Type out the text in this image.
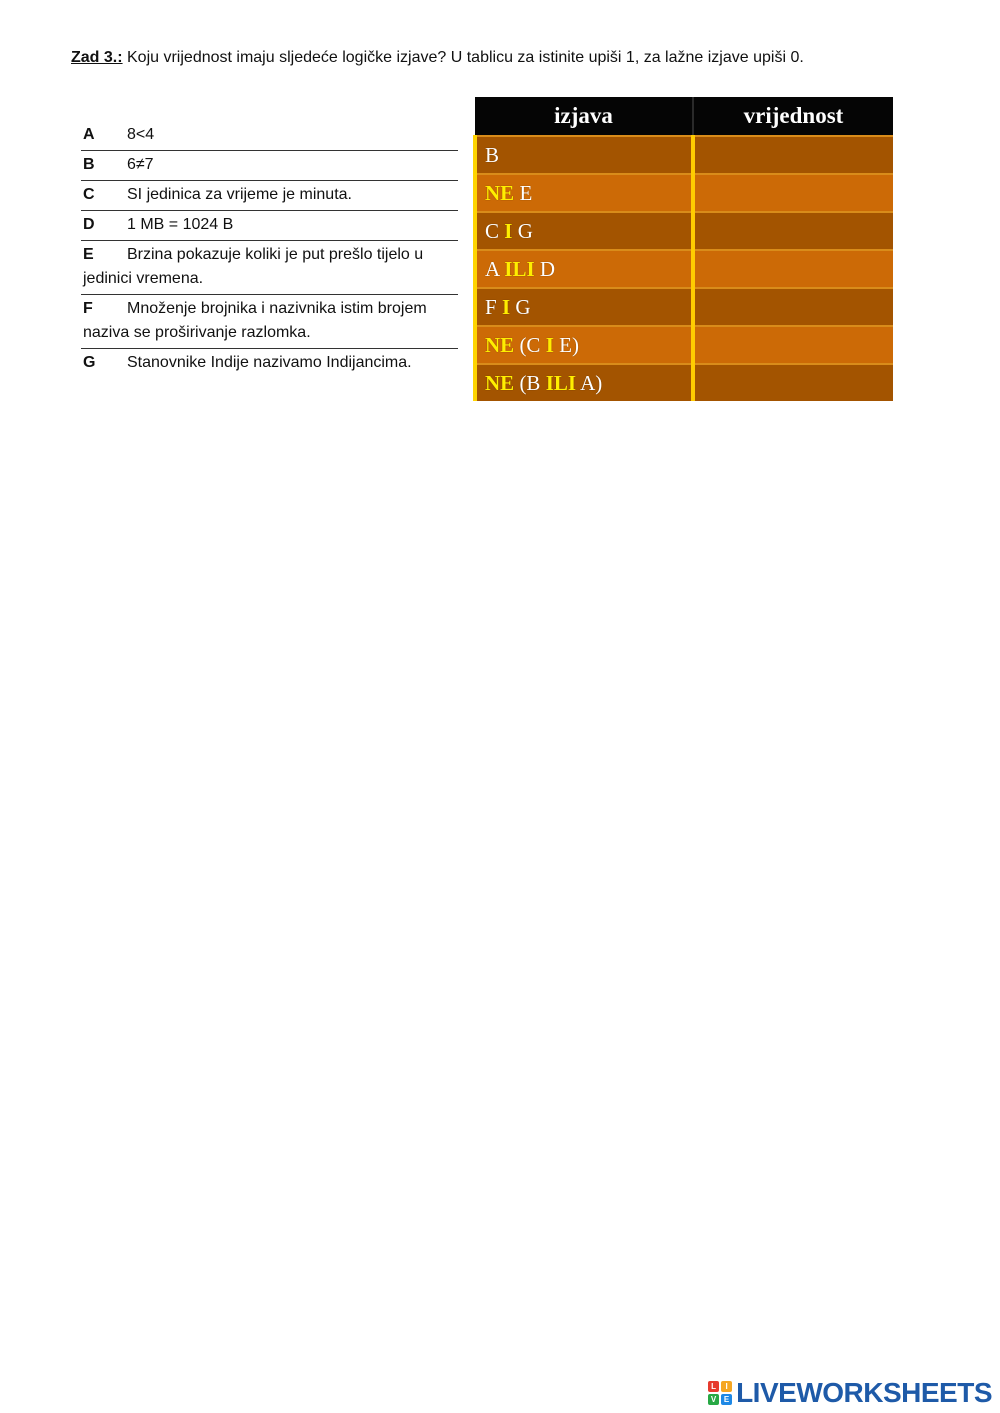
Zad 3.: Koju vrijednost imaju sljedeće logičke izjave? U tablicu za istinite upiši 1, za lažne izjave upiši 0.
A 8<4
B 6≠7
C SI jedinica za vrijeme je minuta.
D 1 MB = 1024 B
E Brzina pokazuje koliki je put prešlo tijelo u jedinici vremena.
F Množenje brojnika i nazivnika istim brojem naziva se proširivanje razlomka.
G Stanovnike Indije nazivamo Indijancima.
izjava	vrijednost
B	
NE E	
C I G	
A ILI D	
F I G	
NE (C I E)	
NE (B ILI A)	
L	I
V E LIVEWORKSHEETS
